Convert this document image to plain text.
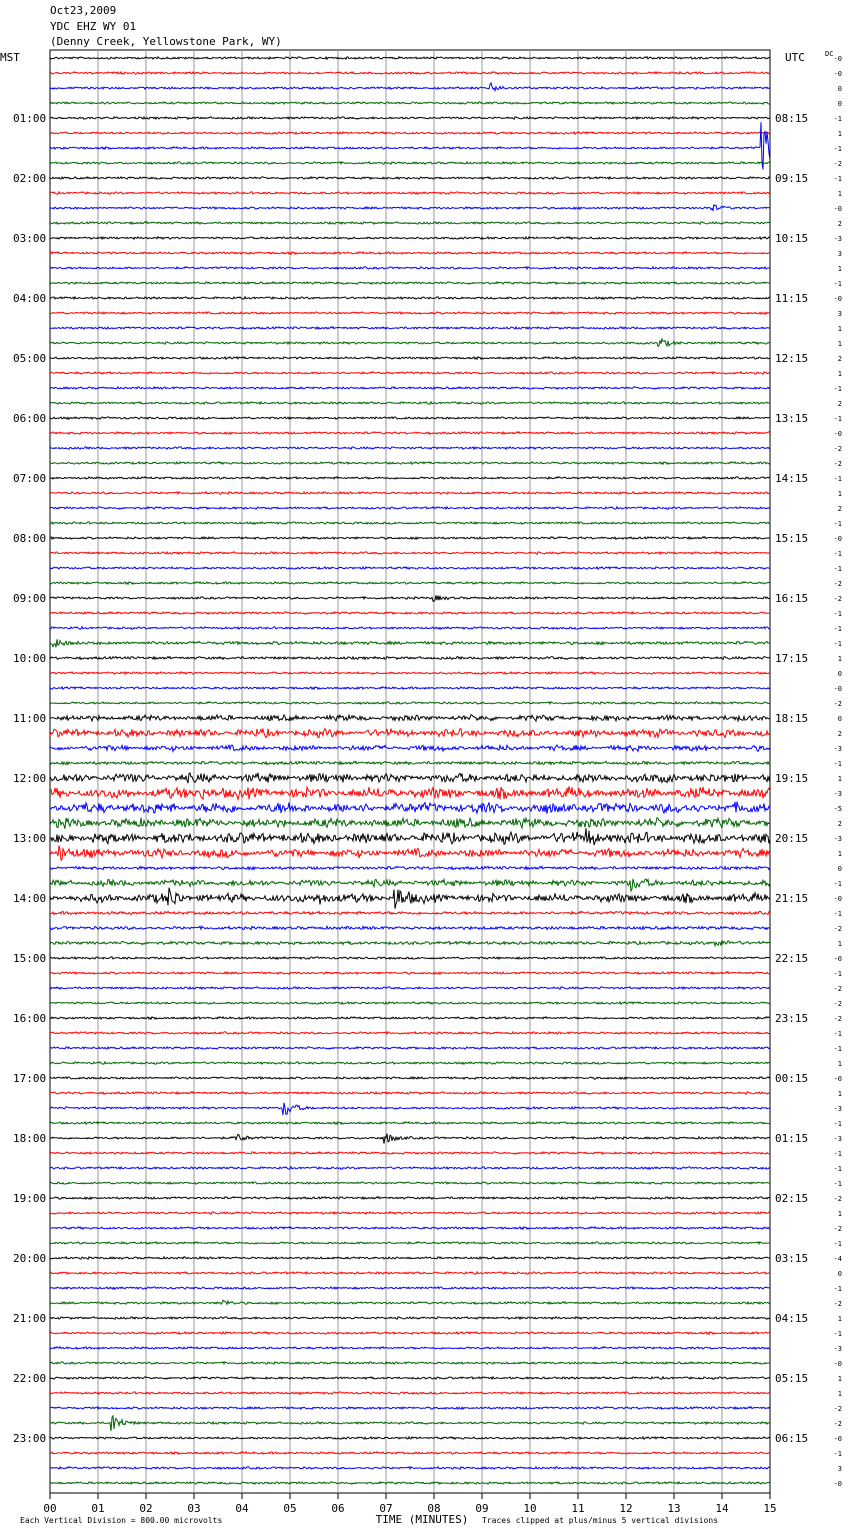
Oct23,2009
YDC EHZ WY 01
(Denny Creek, Yellowstone Park, WY)
-0
-0
0
0
-1
1
-1
-2
-1
1
-0
2
-3
3
1
-1
-0
3
1
1
2
1
-1
2
-1
-0
-2
-2
-1
1
2
-1
-0
-1
-1
-2
-2
-1
-1
-1
1
0
-0
-2
0
2
-3
-1
1
-3
-5
2
-3
1
0
-1
-0
-1
-2
1
-0
-1
-2
-2
-2
-1
-1
1
-0
1
-3
-1
-3
-1
-1
-1
-2
1
-2
-1
-4
0
-1
-2
1
-1
-3
-0
1
1
-2
-2
-0
-1
3
-0
MST	UTC	DC
01:00	08:15
02:00	09:15
03:00	10:15
04:00	11:15
05:00	12:15
06:00	13:15
07:00	14:15
08:00	15:15
09:00	16:15
10:00	17:15
11:00	18:15
12:00	19:15
13:00	20:15
14:00	21:15
15:00	22:15
16:00	23:15
17:00	00:15
18:00	01:15
19:00	02:15
20:00	03:15
21:00	04:15
22:00	05:15
23:00	06:15
00	01	02	03	04	05	06	07	08	09	10	11	12	13	14	15
TIME (MINUTES)
Each Vertical Division = 800.00 microvolts	Traces clipped at plus/minus 5 vertical divisions
